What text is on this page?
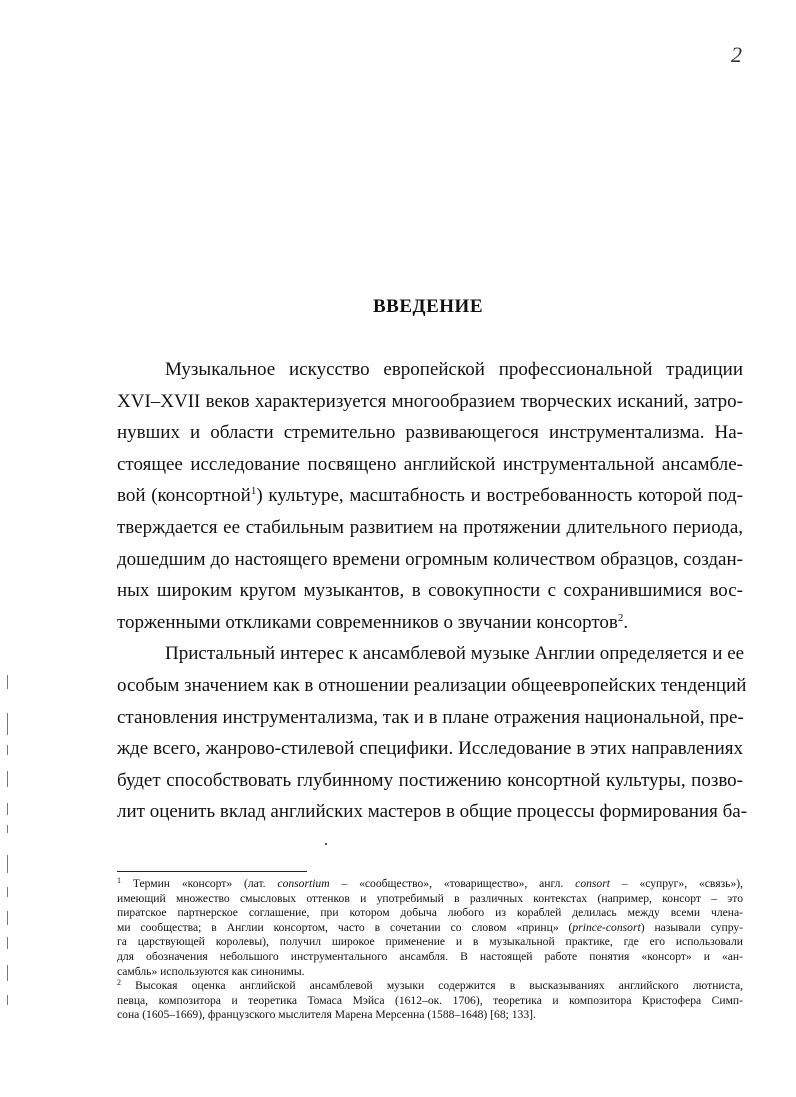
2
ВВЕДЕНИЕ
Музыкальное искусство европейской профессиональной традиции
XVI–XVII веков характеризуется многообразием творческих исканий, затро-
нувших и области стремительно развивающегося инструментализма. На-
стоящее исследование посвящено английской инструментальной ансамбле-
вой (консортной$^1$) культуре, масштабность и востребованность которой под-
тверждается ее стабильным развитием на протяжении длительного периода,
дошедшим до настоящего времени огромным количеством образцов, создан-
ных широким кругом музыкантов, в совокупности с сохранившимися вос-
торженными откликами современников о звучании консортов$^2$.
Пристальный интерес к ансамблевой музыке Англии определяется и ее
особым значением как в отношении реализации общеевропейских тенденций
становления инструментализма, так и в плане отражения национальной, пре-
жде всего, жанрово-стилевой специфики. Исследование в этих направлениях
будет способствовать глубинному постижению консортной культуры, позво-
лит оценить вклад английских мастеров в общие процессы формирования ба-
$^1$ Термин «консорт» (лат. consortium – «сообщество», «товарищество», англ. consort – «супруг», «связь»),
имеющий множество смысловых оттенков и употребимый в различных контекстах (например, консорт – это
пиратское партнерское соглашение, при котором добыча любого из кораблей делилась между всеми члена-
ми сообщества; в Англии консортом, часто в сочетании со словом «принц» (prince-consort) называли супру-
га царствующей королевы), получил широкое применение и в музыкальной практике, где его использовали
для обозначения небольшого инструментального ансамбля. В настоящей работе понятия «консорт» и «ан-
самбль» используются как синонимы.
$^2$ Высокая оценка английской ансамблевой музыки содержится в высказываниях английского лютниста,
певца, композитора и теоретика Томаса Мэйса (1612–ок. 1706), теоретика и композитора Кристофера Симп-
сона (1605–1669), французского мыслителя Марена Мерсенна (1588–1648) [68; 133].
